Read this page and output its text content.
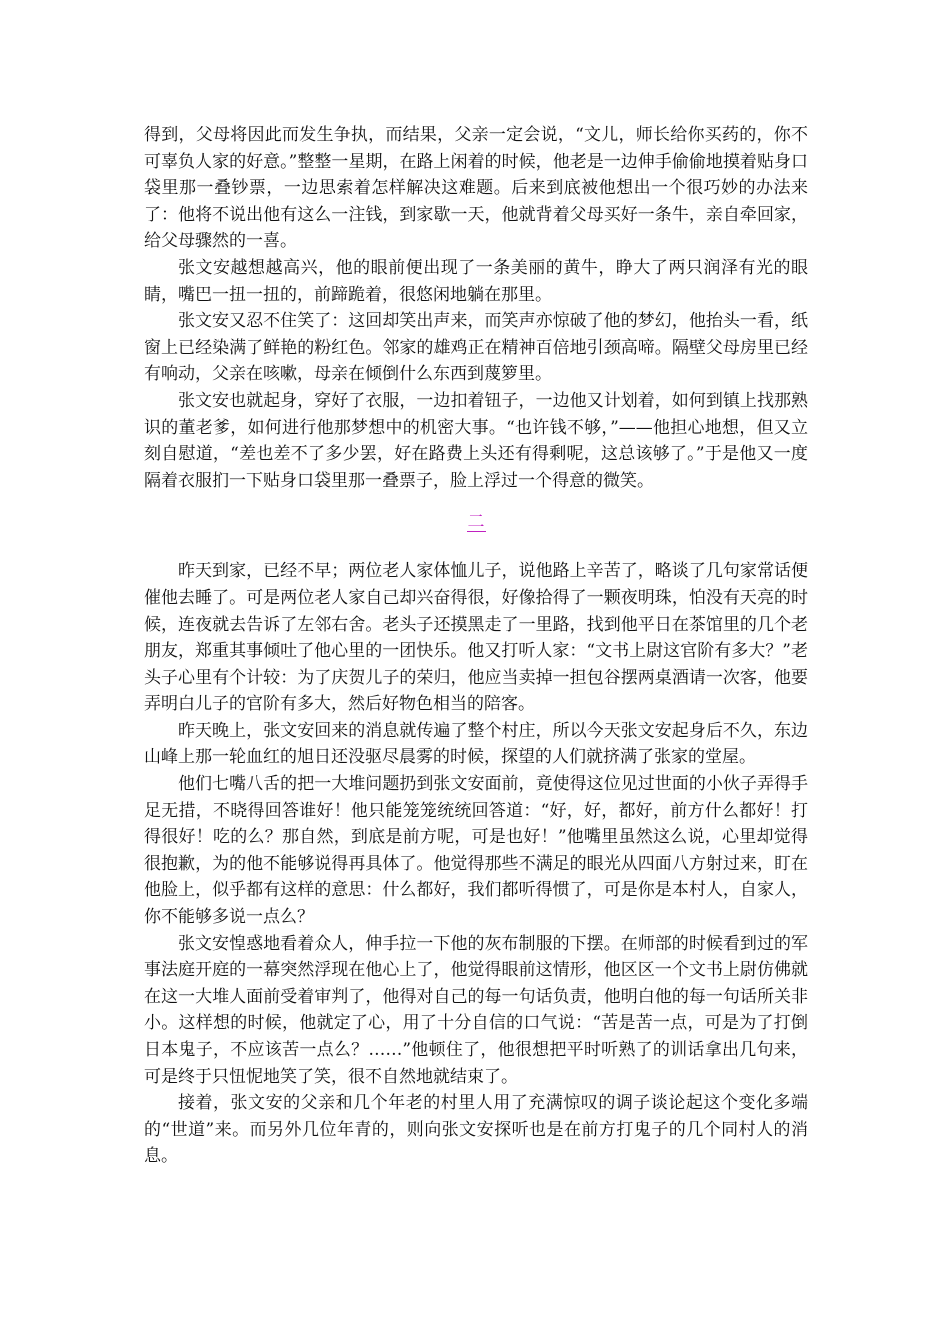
得到，父母将因此而发生争执，而结果，父亲一定会说，“文儿，师长给你买药的，你不可辜负人家的好意。”整整一星期，在路上闲着的时候，他老是一边伸手偷偷地摸着贴身口袋里那一叠钞票，一边思索着怎样解决这难题。后来到底被他想出一个很巧妙的办法来了：他将不说出他有这么一注钱，到家歇一天，他就背着父母买好一条牛，亲自牵回家，给父母骤然的一喜。

张文安越想越高兴，他的眼前便出现了一条美丽的黄牛，睁大了两只润泽有光的眼睛，嘴巴一扭一扭的，前蹄跪着，很悠闲地躺在那里。

张文安又忍不住笑了：这回却笑出声来，而笑声亦惊破了他的梦幻，他抬头一看，纸窗上已经染满了鲜艳的粉红色。邻家的雄鸡正在精神百倍地引颈高啼。隔壁父母房里已经有响动，父亲在咳嗽，母亲在倾倒什么东西到蔑箩里。

张文安也就起身，穿好了衣服，一边扣着钮子，一边他又计划着，如何到镇上找那熟识的董老爹，如何进行他那梦想中的机密大事。“也许钱不够，”——他担心地想，但又立刻自慰道，“差也差不了多少罢，好在路费上头还有得剩呢，这总该够了。”于是他又一度隔着衣服扪一下贴身口袋里那一叠票子，脸上浮过一个得意的微笑。

二

昨天到家，已经不早；两位老人家体恤儿子，说他路上辛苦了，略谈了几句家常话便催他去睡了。可是两位老人家自己却兴奋得很，好像拾得了一颗夜明珠，怕没有天亮的时候，连夜就去告诉了左邻右舍。老头子还摸黑走了一里路，找到他平日在茶馆里的几个老朋友，郑重其事倾吐了他心里的一团快乐。他又打听人家：“文书上尉这官阶有多大？”老头子心里有个计较：为了庆贺儿子的荣归，他应当卖掉一担包谷摆两桌酒请一次客，他要弄明白儿子的官阶有多大，然后好物色相当的陪客。

昨天晚上，张文安回来的消息就传遍了整个村庄，所以今天张文安起身后不久，东边山峰上那一轮血红的旭日还没驱尽晨雾的时候，探望的人们就挤满了张家的堂屋。

他们七嘴八舌的把一大堆问题扔到张文安面前，竟使得这位见过世面的小伙子弄得手足无措，不晓得回答谁好！他只能笼笼统统回答道：“好，好，都好，前方什么都好！打得很好！吃的么？那自然，到底是前方呢，可是也好！”他嘴里虽然这么说，心里却觉得很抱歉，为的他不能够说得再具体了。他觉得那些不满足的眼光从四面八方射过来，盯在他脸上，似乎都有这样的意思：什么都好，我们都听得惯了，可是你是本村人，自家人，你不能够多说一点么？

张文安惶惑地看着众人，伸手拉一下他的灰布制服的下摆。在师部的时候看到过的军事法庭开庭的一幕突然浮现在他心上了，他觉得眼前这情形，他区区一个文书上尉仿佛就在这一大堆人面前受着审判了，他得对自己的每一句话负责，他明白他的每一句话所关非小。这样想的时候，他就定了心，用了十分自信的口气说：“苦是苦一点，可是为了打倒日本鬼子，不应该苦一点么？……”他顿住了，他很想把平时听熟了的训话拿出几句来，可是终于只忸怩地笑了笑，很不自然地就结束了。

接着，张文安的父亲和几个年老的村里人用了充满惊叹的调子谈论起这个变化多端的“世道”来。而另外几位年青的，则向张文安探听也是在前方打鬼子的几个同村人的消息。
